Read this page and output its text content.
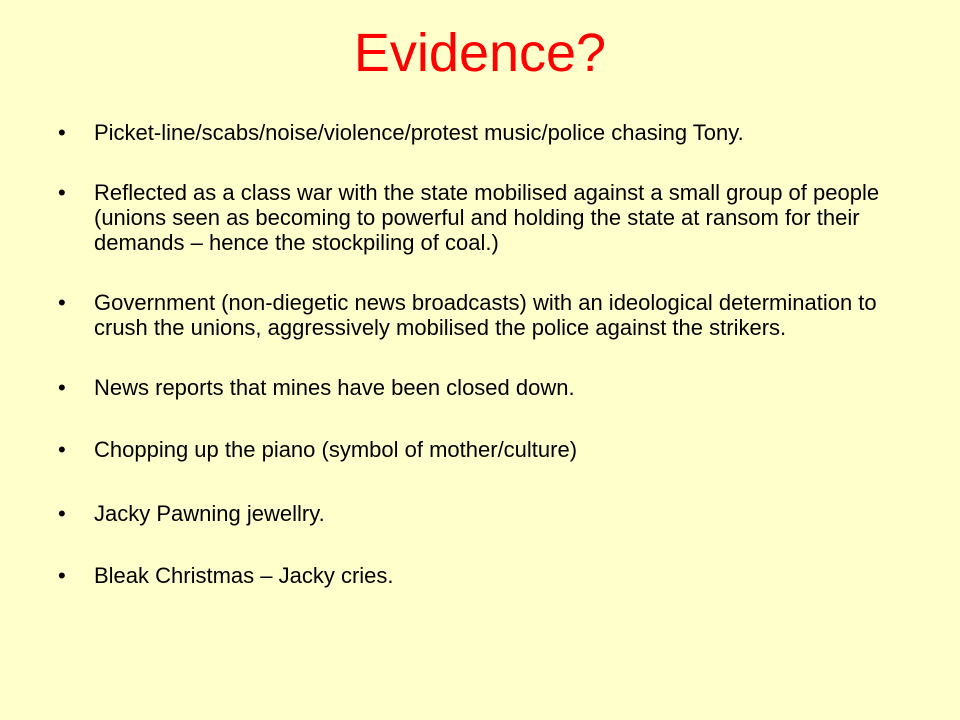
Evidence?
•	Picket-line/scabs/noise/violence/protest music/police chasing Tony.
•	Reflected as a class war with the state mobilised against a small group of people (unions seen as becoming to powerful and holding the state at ransom for their demands – hence the stockpiling of coal.)
•	Government (non-diegetic news broadcasts) with an ideological determination to crush the unions, aggressively mobilised the police against the strikers.
•	News reports that mines have been closed down.
•	Chopping up the piano (symbol of mother/culture)
•	Jacky Pawning jewellry.
•	Bleak Christmas – Jacky cries.
